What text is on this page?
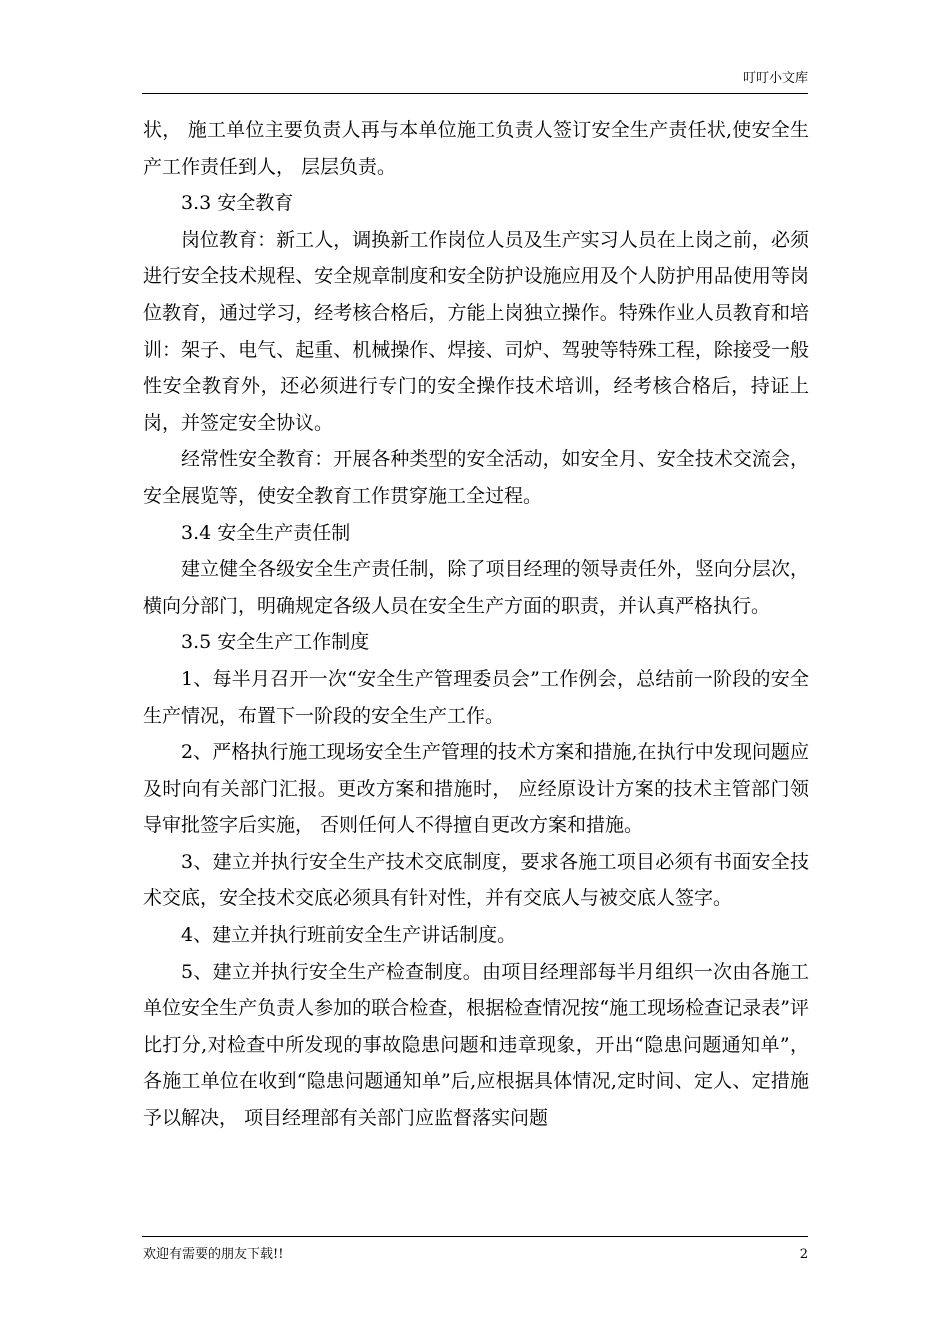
叮叮小文库

状， 施工单位主要负责人再与本单位施工负责人签订安全生产责任状,使安全生产工作责任到人， 层层负责。

3.3 安全教育

岗位教育：新工人，调换新工作岗位人员及生产实习人员在上岗之前，必须进行安全技术规程、安全规章制度和安全防护设施应用及个人防护用品使用等岗位教育，通过学习，经考核合格后，方能上岗独立操作。特殊作业人员教育和培训：架子、电气、起重、机械操作、焊接、司炉、驾驶等特殊工程，除接受一般性安全教育外，还必须进行专门的安全操作技术培训，经考核合格后，持证上岗，并签定安全协议。

经常性安全教育：开展各种类型的安全活动，如安全月、安全技术交流会，安全展览等，使安全教育工作贯穿施工全过程。

3.4 安全生产责任制

建立健全各级安全生产责任制，除了项目经理的领导责任外，竖向分层次，横向分部门，明确规定各级人员在安全生产方面的职责，并认真严格执行。

3.5 安全生产工作制度

1、每半月召开一次“安全生产管理委员会”工作例会，总结前一阶段的安全生产情况，布置下一阶段的安全生产工作。

2、严格执行施工现场安全生产管理的技术方案和措施,在执行中发现问题应及时向有关部门汇报。更改方案和措施时， 应经原设计方案的技术主管部门领导审批签字后实施， 否则任何人不得擅自更改方案和措施。

3、建立并执行安全生产技术交底制度，要求各施工项目必须有书面安全技术交底，安全技术交底必须具有针对性，并有交底人与被交底人签字。

4、建立并执行班前安全生产讲话制度。

5、建立并执行安全生产检查制度。由项目经理部每半月组织一次由各施工单位安全生产负责人参加的联合检查，根据检查情况按“施工现场检查记录表”评比打分,对检查中所发现的事故隐患问题和违章现象，开出“隐患问题通知单”，各施工单位在收到“隐患问题通知单”后,应根据具体情况,定时间、定人、定措施予以解决， 项目经理部有关部门应监督落实问题

欢迎有需要的朋友下载!!	2
